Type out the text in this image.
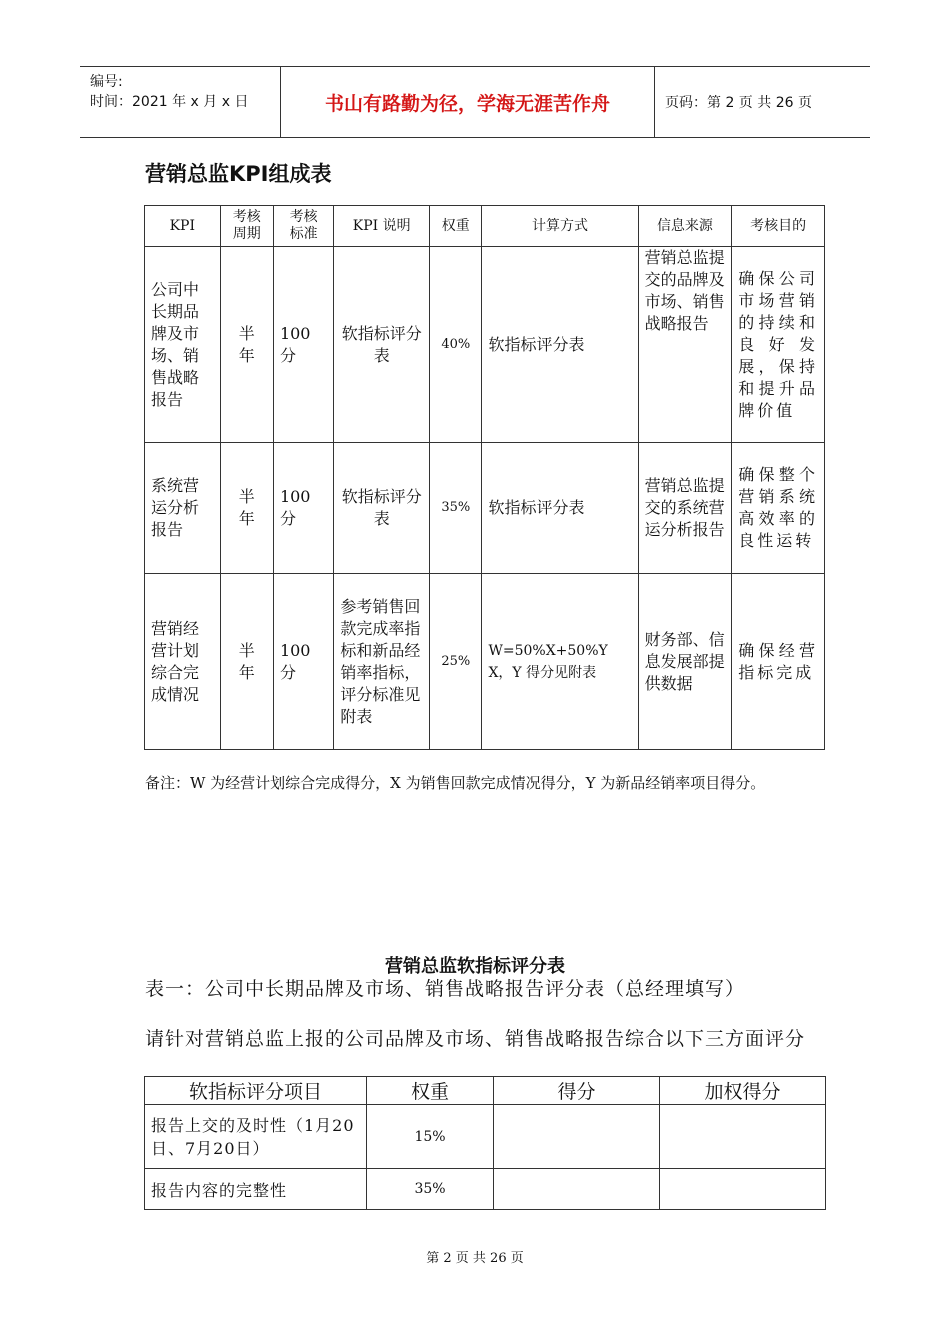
编号:
时间：2021 年 x 月 x 日	书山有路勤为径，学海无涯苦作舟	页码：第 2 页 共 26 页
营销总监KPI组成表
KPI	考核周期	考核标准	KPI 说明	权重	计算方式	信息来源	考核目的
公司中长期品牌及市场、销售战略报告	半年	100分	软指标评分表	40%	软指标评分表	营销总监提交的品牌及市场、销售战略报告	确保公司市场营销的持续和良好发展，保持和提升品牌价值
系统营运分析报告	半年	100分	软指标评分表	35%	软指标评分表	营销总监提交的系统营运分析报告	确保整个营销系统高效率的良性运转
营销经营计划综合完成情况	半年	100分	参考销售回款完成率指标和新品经销率指标，评分标准见附表	25%	W=50%X+50%Y X，Y 得分见附表	财务部、信息发展部提供数据	确保经营指标完成
备注：W 为经营计划综合完成得分，X 为销售回款完成情况得分，Y 为新品经销率项目得分。
营销总监软指标评分表
表一：公司中长期品牌及市场、销售战略报告评分表（总经理填写）
请针对营销总监上报的公司品牌及市场、销售战略报告综合以下三方面评分
软指标评分项目	权重	得分	加权得分
报告上交的及时性（1月20日、7月20日）	15%		
报告内容的完整性	35%		
第 2 页 共 26 页
